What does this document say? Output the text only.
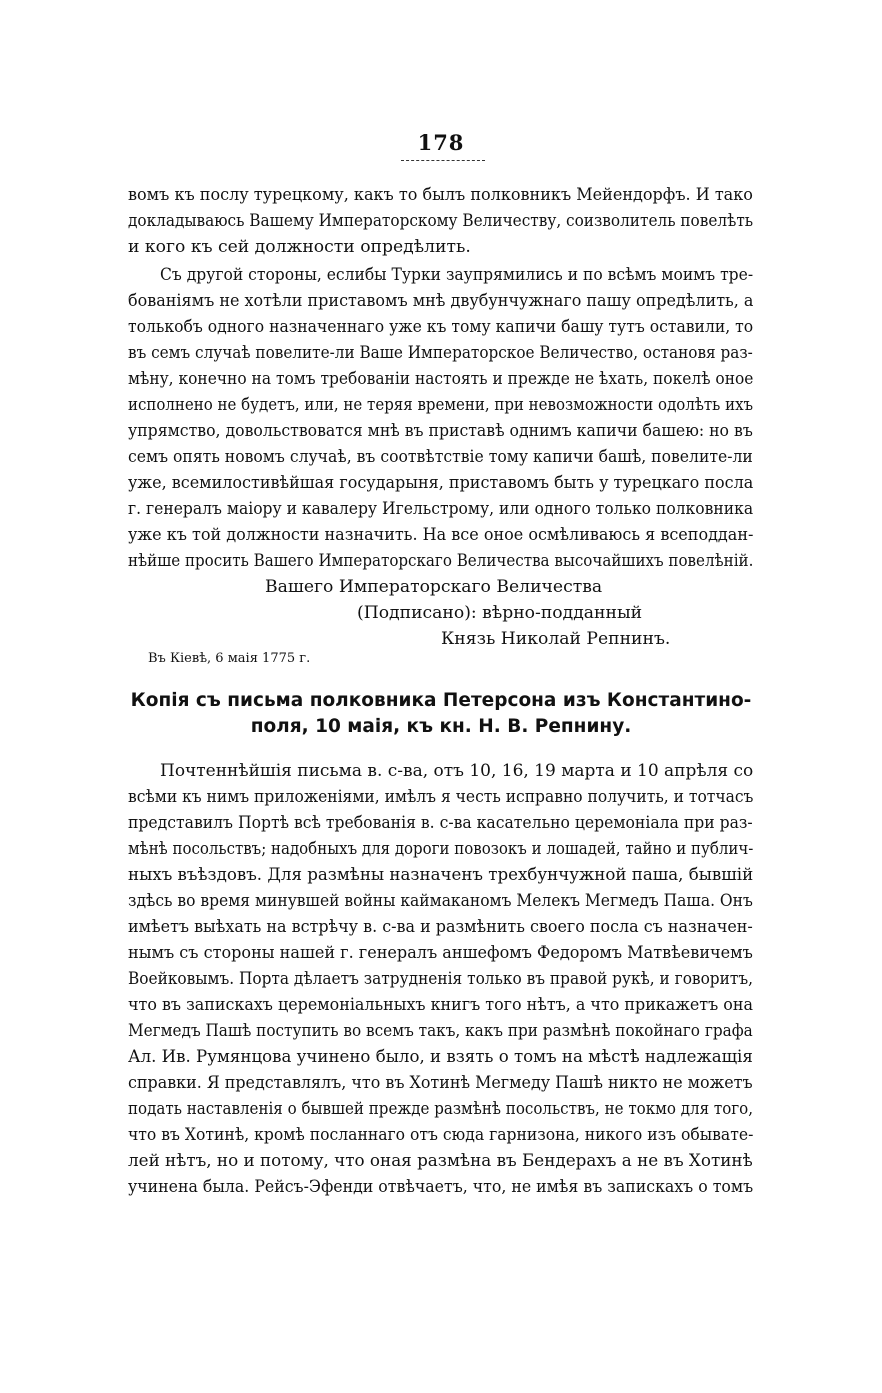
178
вомъ къ послу турецкому, какъ то былъ полковникъ Мейендорфъ. И тако
докладываюсь Вашему Императорскому Величеству, соизволитель повелѣть
и кого къ сей должности опредѣлить.
Съ другой стороны, еслибы Турки заупрямились и по всѣмъ моимъ тре-
бованіямъ не хотѣли приставомъ мнѣ двубунчужнаго пашу опредѣлить, а
толькобъ одного назначеннаго уже къ тому капичи башу тутъ оставили, то
въ семъ случаѣ повелите-ли Ваше Императорское Величество, остановя раз-
мѣну, конечно на томъ требованіи настоять и прежде не ѣхать, покелѣ оное
исполнено не будетъ, или, не теряя времени, при невозможности одолѣть ихъ
упрямство, довольствоватся мнѣ въ приставѣ однимъ капичи башею: но въ
семъ опять новомъ случаѣ, въ соотвѣтствіе тому капичи башѣ, повелите-ли
уже, всемилостивѣйшая государыня, приставомъ быть у турецкаго посла
г. генералъ маіору и кавалеру Игельстрому, или одного только полковника
уже къ той должности назначить. На все оное осмѣливаюсь я всеподдан-
нѣйше просить Вашего Императорскаго Величества высочайшихъ повелѣній.
Вашего Императорскаго Величества
(Подписано): вѣрно-подданный
Князь Николай Репнинъ.
Въ Кіевѣ, 6 маія 1775 г.
Копія съ письма полковника Петерсона изъ Константино-
поля, 10 маія, къ кн. Н. В. Репнину.
Почтеннѣйшія письма в. с-ва, отъ 10, 16, 19 марта и 10 апрѣля со
всѣми къ нимъ приложеніями, имѣлъ я честь исправно получить, и тотчасъ
представилъ Портѣ всѣ требованія в. с-ва касательно церемоніала при раз-
мѣнѣ посольствъ; надобныхъ для дороги повозокъ и лошадей, тайно и публич-
ныхъ въѣздовъ. Для размѣны назначенъ трехбунчужной паша, бывшій
здѣсь во время минувшей войны каймаканомъ Мелекъ Мегмедъ Паша. Онъ
имѣетъ выѣхать на встрѣчу в. с-ва и размѣнить своего посла съ назначен-
нымъ съ стороны нашей г. генералъ аншефомъ Федоромъ Матвѣевичемъ
Воейковымъ. Порта дѣлаетъ затрудненія только въ правой рукѣ, и говоритъ,
что въ запискахъ церемоніальныхъ книгъ того нѣтъ, а что прикажетъ она
Мегмедъ Пашѣ поступить во всемъ такъ, какъ при размѣнѣ покойнаго графа
Ал. Ив. Румянцова учинено было, и взять о томъ на мѣстѣ надлежащія
справки. Я представлялъ, что въ Хотинѣ Мегмеду Пашѣ никто не можетъ
подать наставленія о бывшей прежде размѣнѣ посольствъ, не токмо для того,
что въ Хотинѣ, кромѣ посланнаго отъ сюда гарнизона, никого изъ обывате-
лей нѣтъ, но и потому, что оная размѣна въ Бендерахъ а не въ Хотинѣ
учинена была. Рейсъ-Эфенди отвѣчаетъ, что, не имѣя въ запискахъ о томъ
